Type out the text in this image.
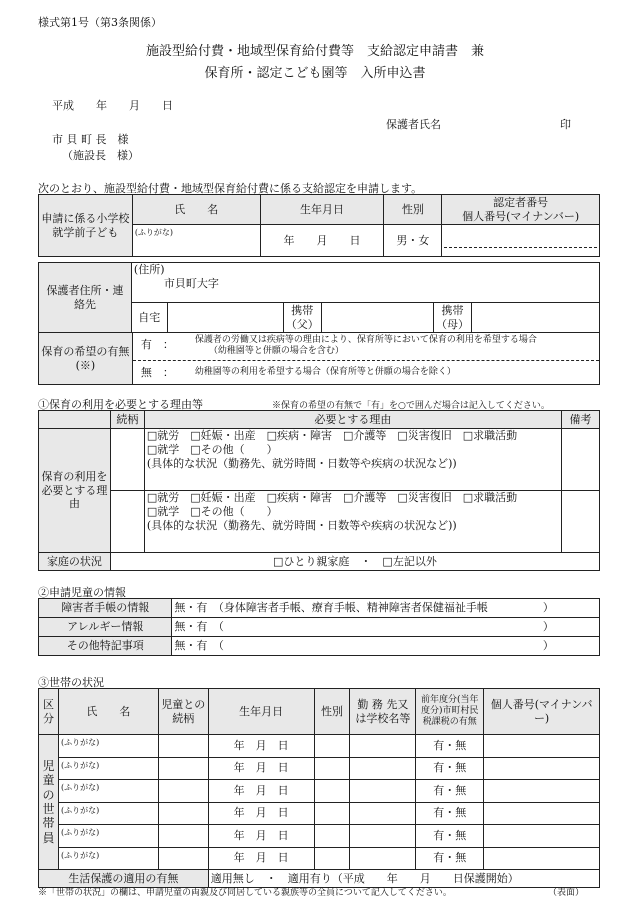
様式第1号（第3条関係）
施設型給付費・地域型保育給付費等　支給認定申請書　兼
保育所・認定こども園等　入所申込書
平成　　年　　月　　日
保護者氏名	印
市 貝 町 長　様
（施設長　様）
次のとおり、施設型給付費・地域型保育給付費に係る支給認定を申請します。
申請に係る小学校就学前子ども	氏　　名	生年月日	性別	認定者番号
個人番号(マイナンバー)

	(ふりがな)	年　　月　　日	男・女	
保護者住所・連絡先	(住所)
市貝町大字					

	自宅		携帯（父）		携帯（母）	
保育の希望の有無(※)	
有　： 保護者の労働又は疾病等の理由により、保育所等において保育の利用を希望する場合
（幼稚園等と併願の場合を含む）
無　： 幼稚園等の利用を希望する場合（保育所等と併願の場合を除く）
①保育の利用を必要とする理由等	※保育の希望の有無で「有」を○で囲んだ場合は記入してください。
	続柄	必要とする理由	備考
保育の利用を必要とする理由		□就労　□妊娠・出産　□疾病・障害　□介護等　□災害復旧　□求職活動
□就学　□その他（　　）
(具体的な状況（勤務先、就労時間・日数等や疾病の状況など))	

		□就労　□妊娠・出産　□疾病・障害　□介護等　□災害復旧　□求職活動
□就学　□その他（　　）
(具体的な状況（勤務先、就労時間・日数等や疾病の状況など))	

家庭の状況	□ひとり親家庭　・　□左記以外		
②申請児童の情報
障害者手帳の情報	無・有　（身体障害者手帳、療育手帳、精神障害者保健福祉手帳　　　　　）
アレルギー情報	無・有　（　　　　　　　　　　　　　　　　　　　　　　　　　　　　　）
その他特記事項	無・有　（　　　　　　　　　　　　　　　　　　　　　　　　　　　　　）
③世帯の状況
区分	氏　　名	児童との続柄	生年月日	性別	勤 務 先又 は学校名等	前年度分(当年度分)市町村民税課税の有無	個人番号(マイナンバー)
児童の世帯員	(ふりがな)		年　月　日			有・無	
	(ふりがな)		年　月　日			有・無	
	(ふりがな)		年　月　日			有・無	
	(ふりがな)		年　月　日			有・無	
	(ふりがな)		年　月　日			有・無	
	(ふりがな)		年　月　日			有・無	
生活保護の適用の有無			適用無し　・　適用有り（平成　　年　　月　　日保護開始）				
※「世帯の状況」の欄は、申請児童の両親及び同居している親族等の全員について記入してください。	（表面）
